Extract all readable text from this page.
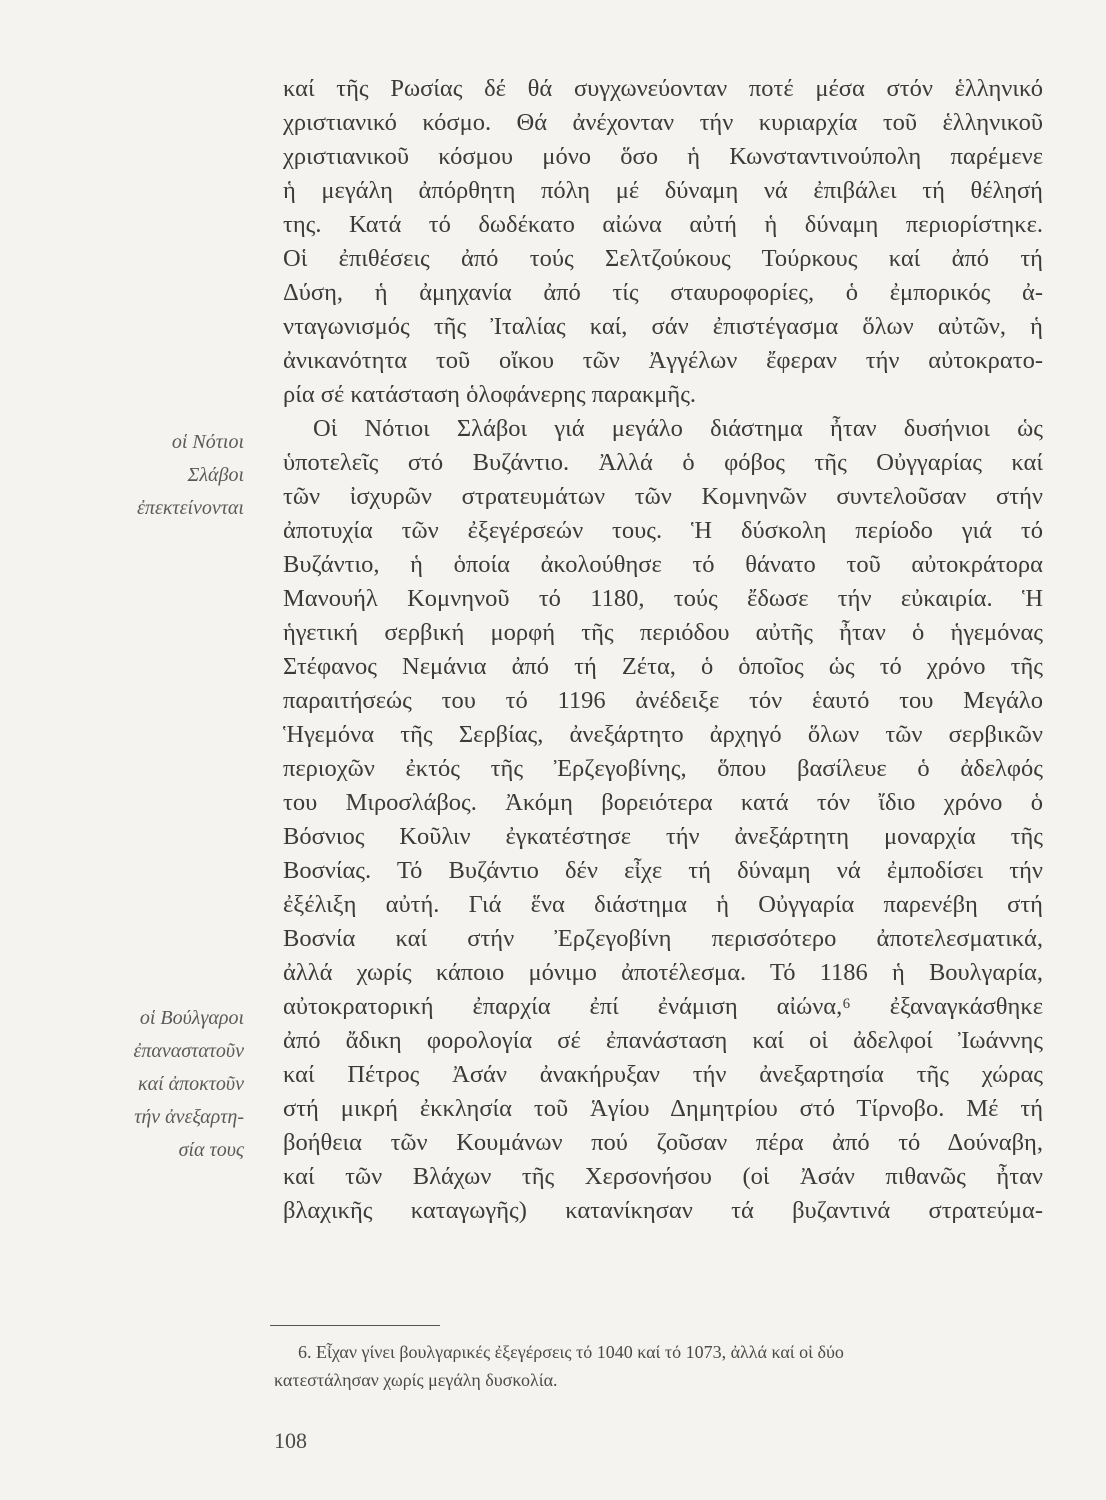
οἱ Νότιοι
Σλάβοι
ἐπεκτείνονται
οἱ Βούλγαροι
ἐπαναστατοῦν
καί ἀποκτοῦν
τήν ἀνεξαρτη-
σία τους
καί τῆς Ρωσίας δέ θά συγχωνεύονταν ποτέ μέσα στόν ἑλληνικό
χριστιανικό κόσμο. Θά ἀνέχονταν τήν κυριαρχία τοῦ ἑλληνικοῦ
χριστιανικοῦ κόσμου μόνο ὅσο ἡ Κωνσταντινούπολη παρέμενε
ἡ μεγάλη ἀπόρθητη πόλη μέ δύναμη νά ἐπιβάλει τή θέλησή
της. Κατά τό δωδέκατο αἰώνα αὐτή ἡ δύναμη περιορίστηκε.
Οἱ ἐπιθέσεις ἀπό τούς Σελτζούκους Τούρκους καί ἀπό τή
Δύση, ἡ ἀμηχανία ἀπό τίς σταυροφορίες, ὁ ἐμπορικός ἀ-
νταγωνισμός τῆς Ἰταλίας καί, σάν ἐπιστέγασμα ὅλων αὐτῶν, ἡ
ἀνικανότητα τοῦ οἴκου τῶν Ἀγγέλων ἔφεραν τήν αὐτοκρατο-
ρία σέ κατάσταση ὁλοφάνερης παρακμῆς.
Οἱ Νότιοι Σλάβοι γιά μεγάλο διάστημα ἦταν δυσήνιοι ὡς
ὑποτελεῖς στό Βυζάντιο. Ἀλλά ὁ φόβος τῆς Οὐγγαρίας καί
τῶν ἰσχυρῶν στρατευμάτων τῶν Κομνηνῶν συντελοῦσαν στήν
ἀποτυχία τῶν ἐξεγέρσεών τους. Ἡ δύσκολη περίοδο γιά τό
Βυζάντιο, ἡ ὁποία ἀκολούθησε τό θάνατο τοῦ αὐτοκράτορα
Μανουήλ Κομνηνοῦ τό 1180, τούς ἔδωσε τήν εὐκαιρία. Ἡ
ἡγετική σερβική μορφή τῆς περιόδου αὐτῆς ἦταν ὁ ἡγεμόνας
Στέφανος Νεμάνια ἀπό τή Ζέτα, ὁ ὁποῖος ὡς τό χρόνο τῆς
παραιτήσεώς του τό 1196 ἀνέδειξε τόν ἑαυτό του Μεγάλο
Ἡγεμόνα τῆς Σερβίας, ἀνεξάρτητο ἀρχηγό ὅλων τῶν σερβικῶν
περιοχῶν ἐκτός τῆς Ἐρζεγοβίνης, ὅπου βασίλευε ὁ ἀδελφός
του Μιροσλάβος. Ἀκόμη βορειότερα κατά τόν ἴδιο χρόνο ὁ
Βόσνιος Κοῦλιν ἐγκατέστησε τήν ἀνεξάρτητη μοναρχία τῆς
Βοσνίας. Τό Βυζάντιο δέν εἶχε τή δύναμη νά ἐμποδίσει τήν
ἐξέλιξη αὐτή. Γιά ἕνα διάστημα ἡ Οὐγγαρία παρενέβη στή
Βοσνία καί στήν Ἐρζεγοβίνη περισσότερο ἀποτελεσματικά,
ἀλλά χωρίς κάποιο μόνιμο ἀποτέλεσμα. Τό 1186 ἡ Βουλγαρία,
αὐτοκρατορική ἐπαρχία ἐπί ἐνάμιση αἰώνα,⁶ ἐξαναγκάσθηκε
ἀπό ἄδικη φορολογία σέ ἐπανάσταση καί οἱ ἀδελφοί Ἰωάννης
καί Πέτρος Ἀσάν ἀνακήρυξαν τήν ἀνεξαρτησία τῆς χώρας
στή μικρή ἐκκλησία τοῦ Ἁγίου Δημητρίου στό Τίρνοβο. Μέ τή
βοήθεια τῶν Κουμάνων πού ζοῦσαν πέρα ἀπό τό Δούναβη,
καί τῶν Βλάχων τῆς Χερσονήσου (οἱ Ἀσάν πιθανῶς ἦταν
βλαχικῆς καταγωγῆς) κατανίκησαν τά βυζαντινά στρατεύμα-
6. Εἶχαν γίνει βουλγαρικές ἐξεγέρσεις τό 1040 καί τό 1073, ἀλλά καί οἱ δύο
κατεστάλησαν χωρίς μεγάλη δυσκολία.
108
